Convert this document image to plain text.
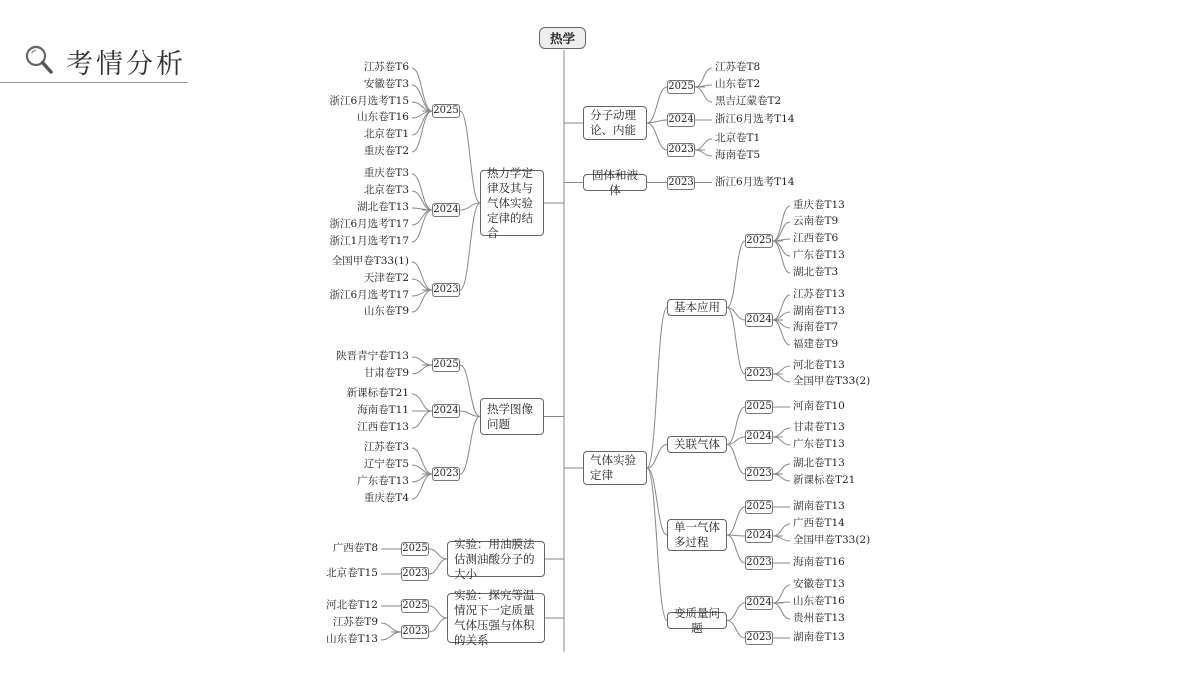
考情分析
热学
热力学定律及其与气体实验定律的结合
2025
江苏卷T6
安徽卷T3
浙江6月选考T15
山东卷T16
北京卷T1
重庆卷T2
2024
重庆卷T3
北京卷T3
湖北卷T13
浙江6月选考T17
浙江1月选考T17
2023
全国甲卷T33(1)
天津卷T2
浙江6月选考T17
山东卷T9
热学图像问题
2025
陕晋青宁卷T13
甘肃卷T9
2024
新课标卷T21
海南卷T11
江西卷T13
2023
江苏卷T3
辽宁卷T5
广东卷T13
重庆卷T4
实验：用油膜法估测油酸分子的大小
2025
广西卷T8
2023
北京卷T15
实验：探究等温情况下一定质量气体压强与体积的关系
2025
河北卷T12
2023
江苏卷T9
山东卷T13
分子动理论、内能
2025
江苏卷T8
山东卷T2
黑吉辽蒙卷T2
2024 浙江6月选考T14
2023
北京卷T1
海南卷T5
固体和液体
2023 浙江6月选考T14
气体实验定律
基本应用
2025
重庆卷T13
云南卷T9
江西卷T6
广东卷T13
湖北卷T3
2024
江苏卷T13
湖南卷T13
海南卷T7
福建卷T9
2023
河北卷T13
全国甲卷T33(2)
关联气体
2025 河南卷T10
2024
甘肃卷T13
广东卷T13
2023
湖北卷T13
新课标卷T21
单一气体多过程
2025 湖南卷T13
2024
广西卷T14
全国甲卷T33(2)
2023 海南卷T16
变质量问题
2024
安徽卷T13
山东卷T16
贵州卷T13
2023 湖南卷T13
